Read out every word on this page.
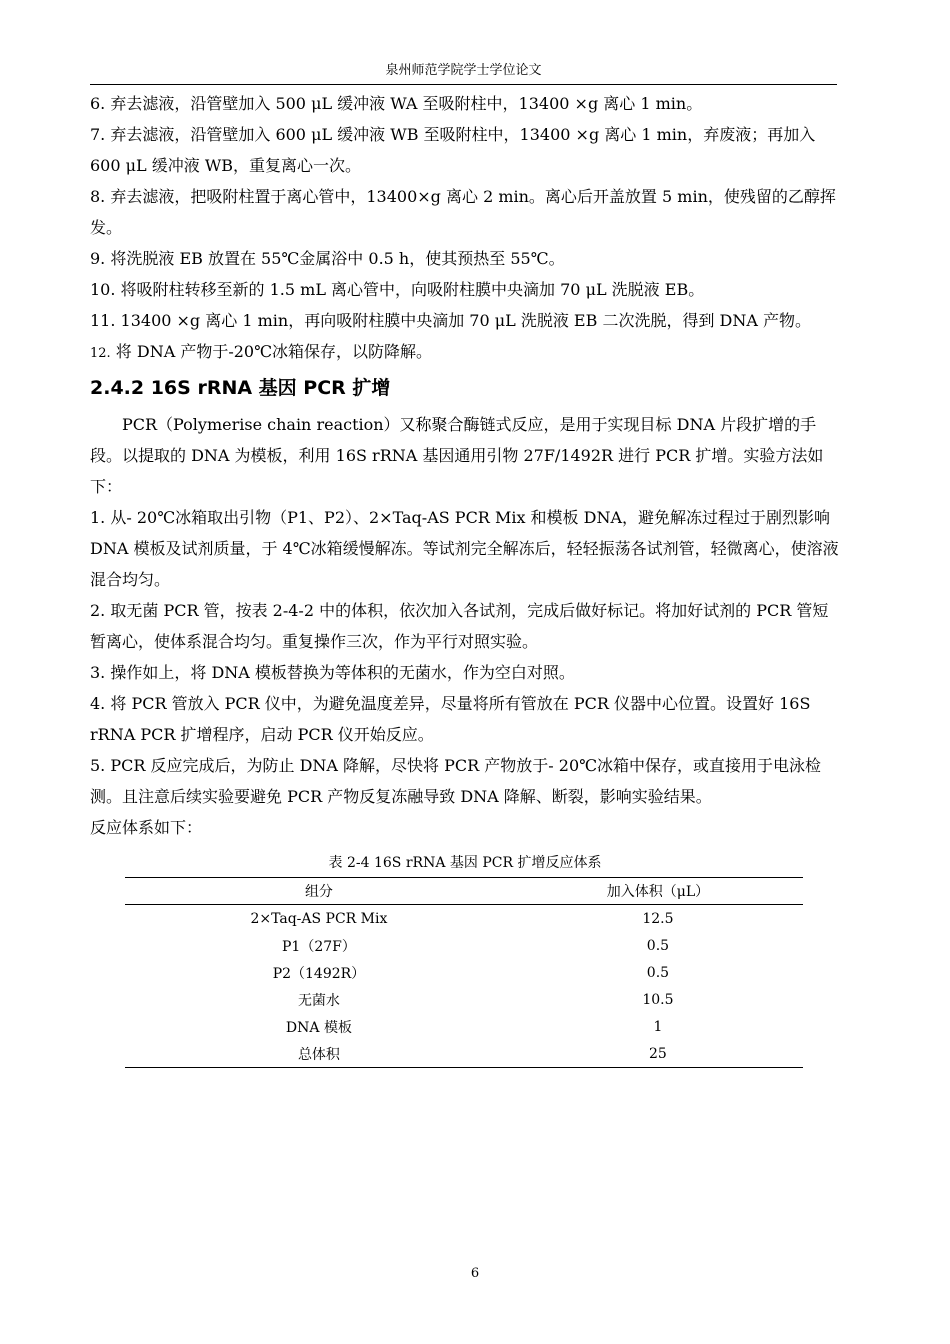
泉州师范学院学士学位论文

6. 弃去滤液，沿管壁加入 500 μL 缓冲液 WA 至吸附柱中，13400 ×g 离心 1 min。

7. 弃去滤液，沿管壁加入 600 μL 缓冲液 WB 至吸附柱中，13400 ×g 离心 1 min，弃废液；再加入 600 μL 缓冲液 WB，重复离心一次。

8. 弃去滤液，把吸附柱置于离心管中，13400×g 离心 2 min。离心后开盖放置 5 min，使残留的乙醇挥发。

9. 将洗脱液 EB 放置在 55℃金属浴中 0.5 h，使其预热至 55℃。

10. 将吸附柱转移至新的 1.5 mL 离心管中，向吸附柱膜中央滴加 70 μL 洗脱液 EB。

11. 13400 ×g 离心 1 min，再向吸附柱膜中央滴加 70 μL 洗脱液 EB 二次洗脱，得到 DNA 产物。

12. 将 DNA 产物于-20℃冰箱保存，以防降解。

2.4.2 16S rRNA 基因 PCR 扩增

PCR（Polymerise chain reaction）又称聚合酶链式反应，是用于实现目标 DNA 片段扩增的手段。以提取的 DNA 为模板，利用 16S rRNA 基因通用引物 27F/1492R 进行 PCR 扩增。实验方法如下：

1. 从- 20℃冰箱取出引物（P1、P2）、2×Taq-AS PCR Mix 和模板 DNA，避免解冻过程过于剧烈影响 DNA 模板及试剂质量，于 4℃冰箱缓慢解冻。等试剂完全解冻后，轻轻振荡各试剂管，轻微离心，使溶液混合均匀。

2. 取无菌 PCR 管，按表 2-4-2 中的体积，依次加入各试剂，完成后做好标记。将加好试剂的 PCR 管短暂离心，使体系混合均匀。重复操作三次，作为平行对照实验。

3. 操作如上，将 DNA 模板替换为等体积的无菌水，作为空白对照。

4. 将 PCR 管放入 PCR 仪中，为避免温度差异，尽量将所有管放在 PCR 仪器中心位置。设置好 16S rRNA PCR 扩增程序，启动 PCR 仪开始反应。

5. PCR 反应完成后，为防止 DNA 降解，尽快将 PCR 产物放于- 20℃冰箱中保存，或直接用于电泳检测。且注意后续实验要避免 PCR 产物反复冻融导致 DNA 降解、断裂，影响实验结果。

反应体系如下：

表 2-4 16S rRNA 基因 PCR 扩增反应体系
组分	加入体积（μL）
2×Taq-AS PCR Mix	12.5
P1（27F）	0.5
P2（1492R）	0.5
无菌水	10.5
DNA 模板	1
总体积	25
6
